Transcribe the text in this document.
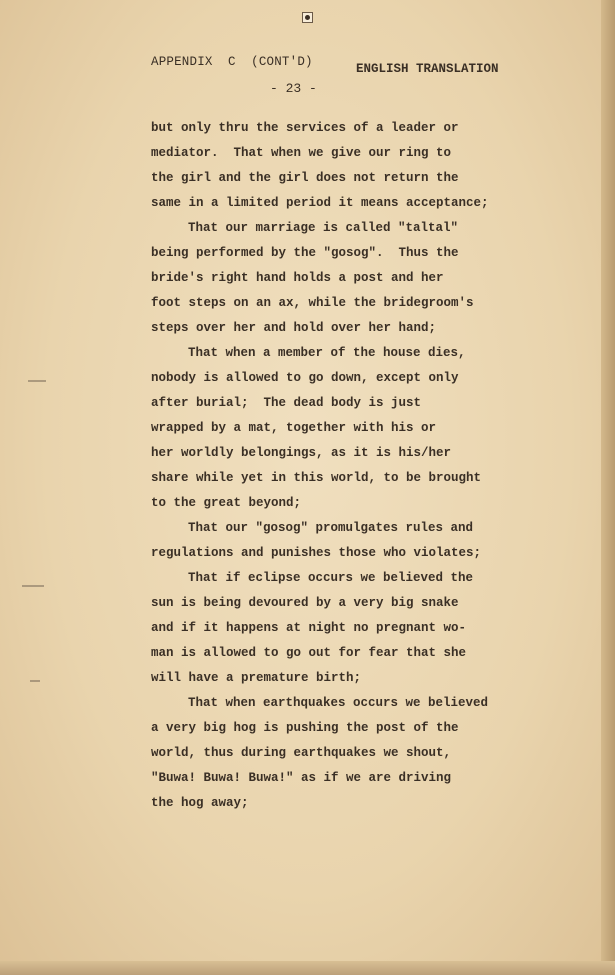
APPENDIX  C  (CONT'D)	ENGLISH TRANSLATION
- 23 -
but only thru the services of a leader or
mediator.  That when we give our ring to
the girl and the girl does not return the
same in a limited period it means acceptance;
That our marriage is called "taltal"
being performed by the "gosog".  Thus the
bride's right hand holds a post and her
foot steps on an ax, while the bridegroom's
steps over her and hold over her hand;
That when a member of the house dies,
nobody is allowed to go down, except only
after burial;  The dead body is just
wrapped by a mat, together with his or
her worldly belongings, as it is his/her
share while yet in this world, to be brought
to the great beyond;
That our "gosog" promulgates rules and
regulations and punishes those who violates;
That if eclipse occurs we believed the
sun is being devoured by a very big snake
and if it happens at night no pregnant wo-
man is allowed to go out for fear that she
will have a premature birth;
That when earthquakes occurs we believed
a very big hog is pushing the post of the
world, thus during earthquakes we shout,
"Buwa! Buwa! Buwa!" as if we are driving
the hog away;
